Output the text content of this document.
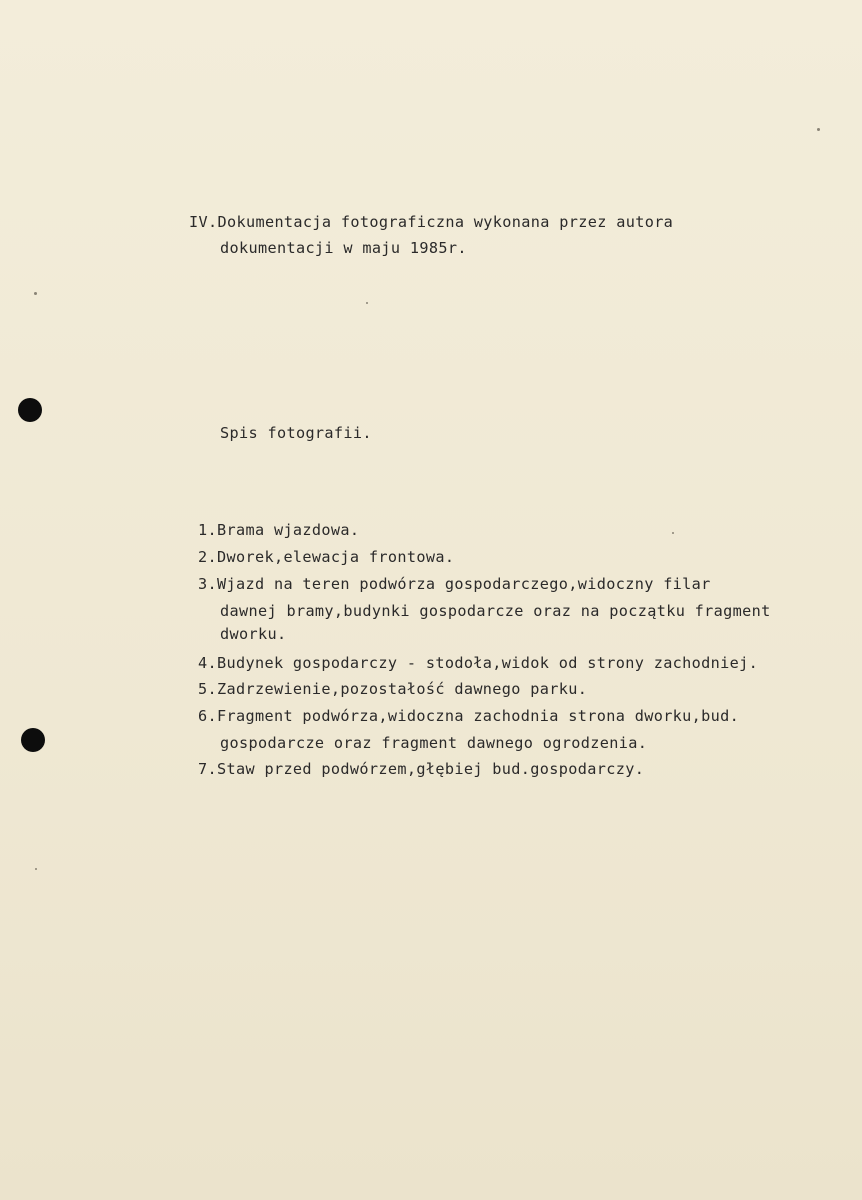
IV.Dokumentacja fotograficzna wykonana przez autora
dokumentacji w maju 1985r.
Spis fotografii.
1.Brama wjazdowa.
2.Dworek,elewacja frontowa.
3.Wjazd na teren podwórza gospodarczego,widoczny filar
dawnej bramy,budynki gospodarcze oraz na początku fragment
dworku.
4.Budynek gospodarczy - stodoła,widok od strony zachodniej.
5.Zadrzewienie,pozostałość dawnego parku.
6.Fragment podwórza,widoczna zachodnia strona dworku,bud.
gospodarcze oraz fragment dawnego ogrodzenia.
7.Staw przed podwórzem,głębiej bud.gospodarczy.
